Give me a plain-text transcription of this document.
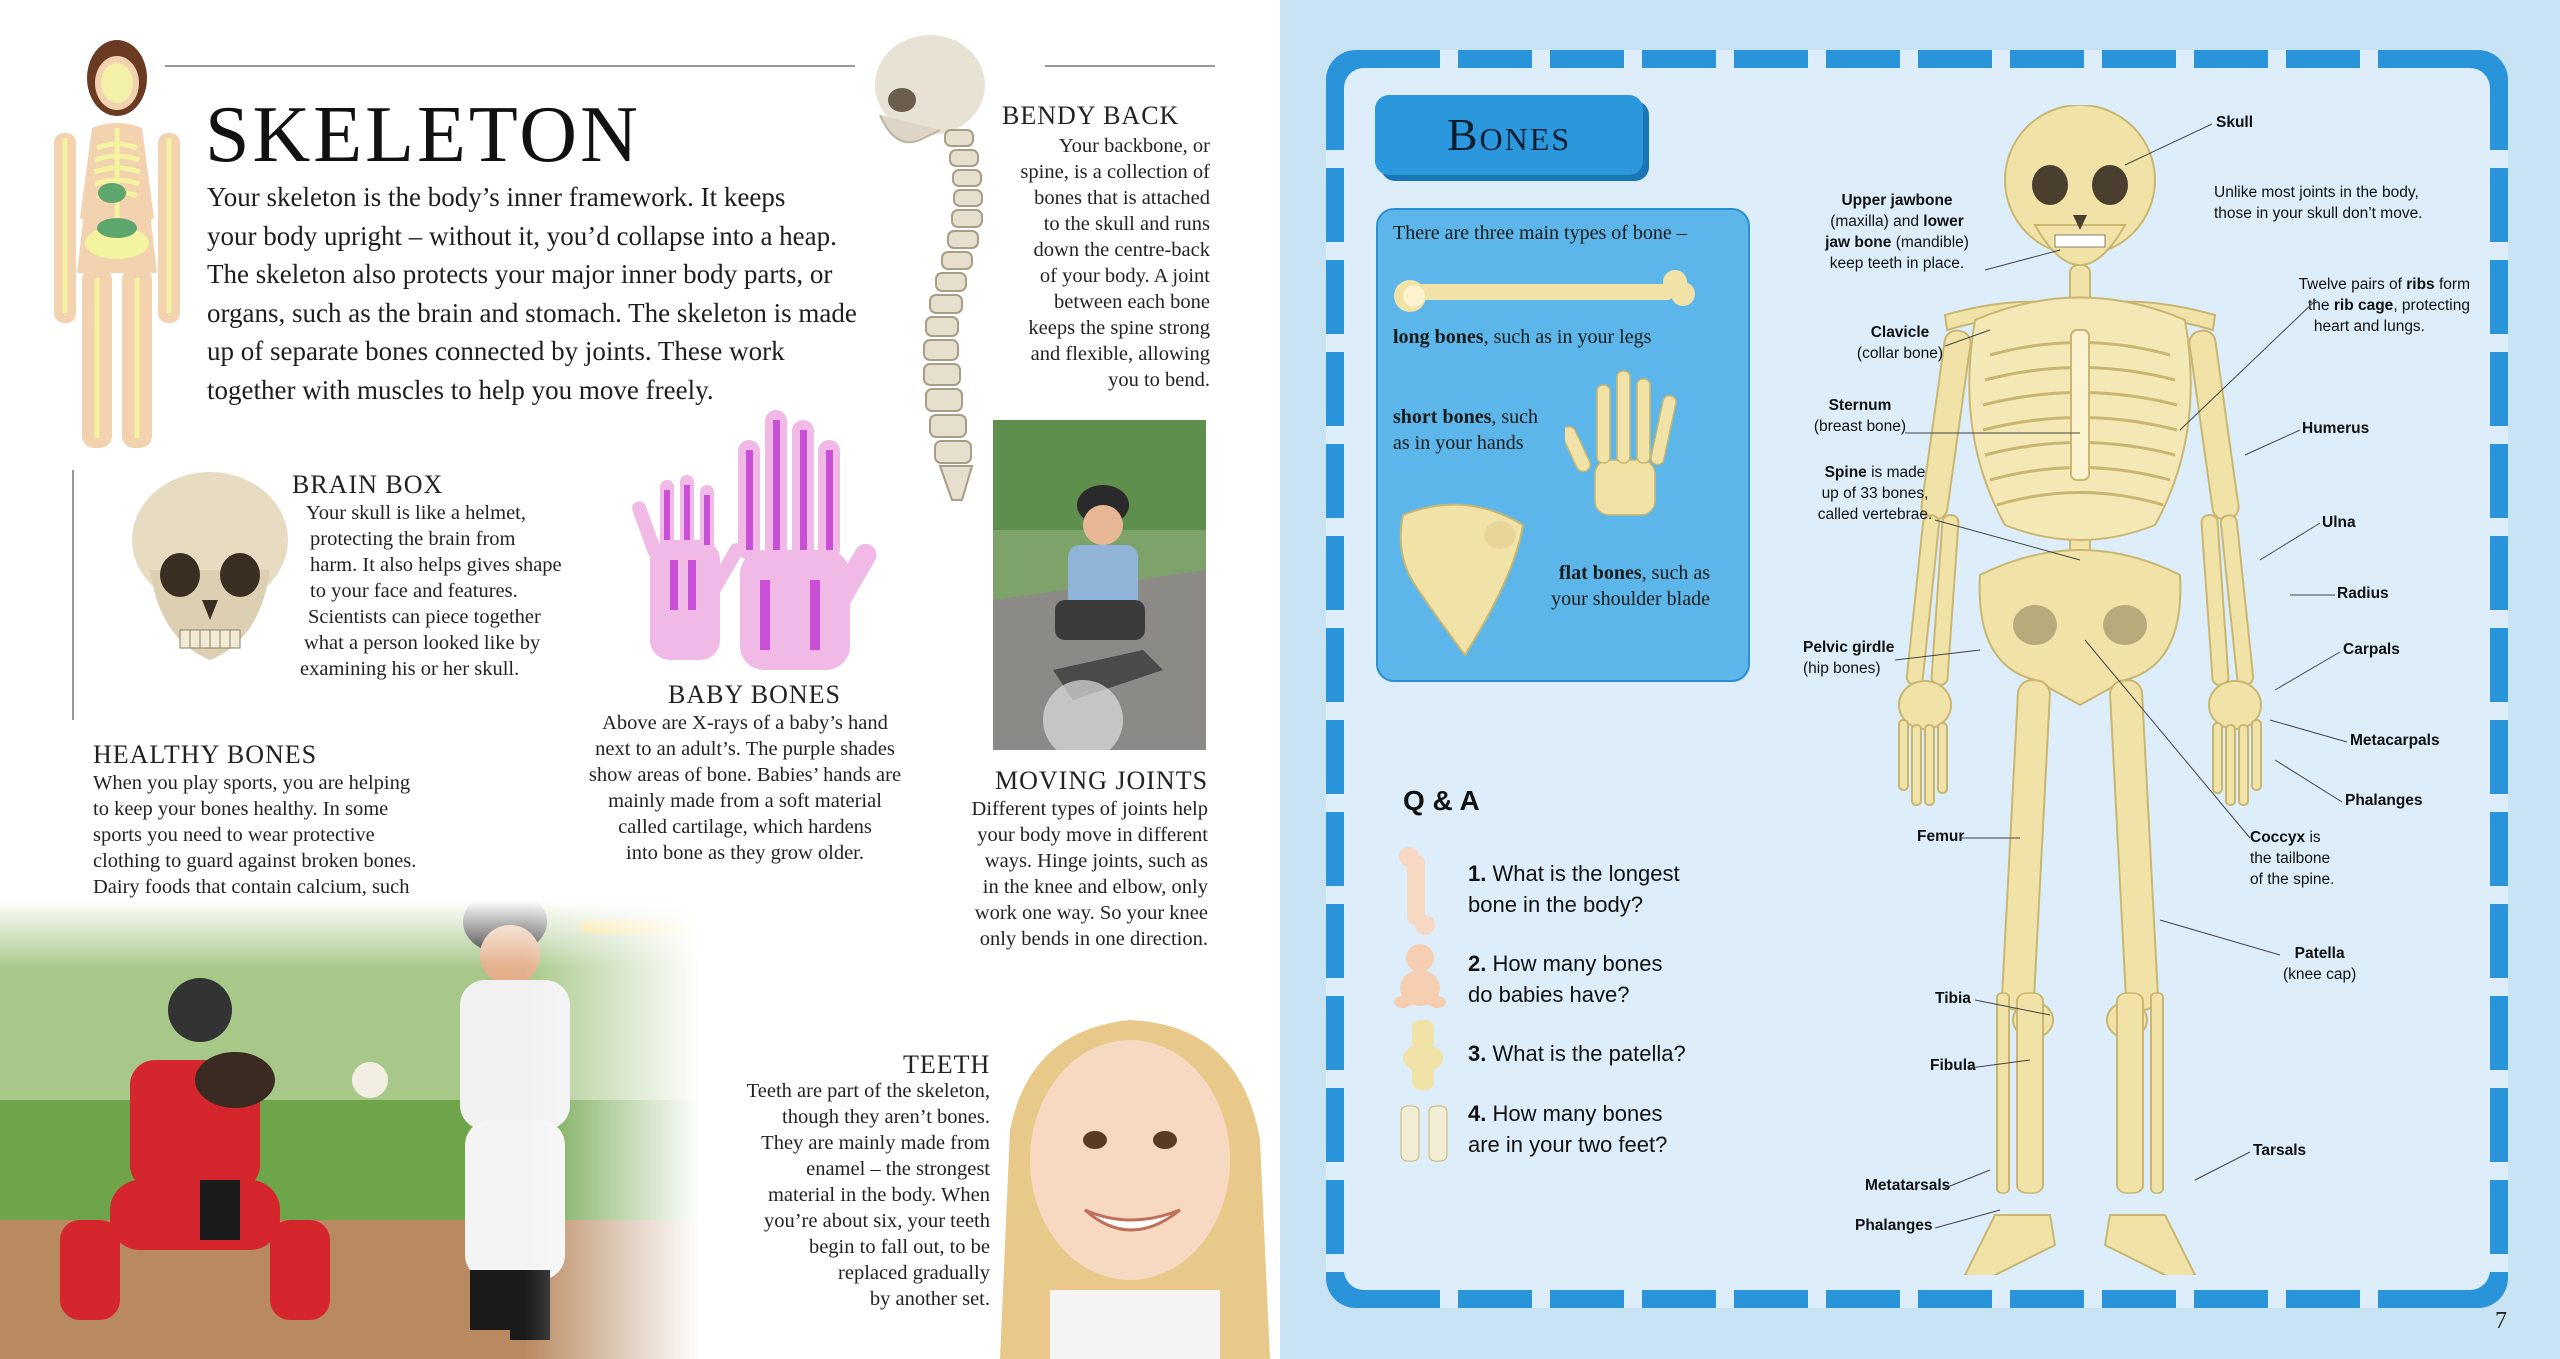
SKELETON
Your skeleton is the body’s inner framework. It keeps
your body upright – without it, you’d collapse into a heap.
The skeleton also protects your major inner body parts, or
organs, such as the brain and stomach. The skeleton is made
up of separate bones connected by joints. These work
together with muscles to help you move freely.
BENDY BACK
Your backbone, or
spine, is a collection of
bones that is attached
to the skull and runs
down the centre-back
of your body. A joint
between each bone
keeps the spine strong
and flexible, allowing
you to bend.
BRAIN BOX
Your skull is like a helmet,
protecting the brain from
harm. It also helps gives shape
to your face and features.
Scientists can piece together
what a person looked like by
examining his or her skull.
BABY BONES
Above are X-rays of a baby’s hand
next to an adult’s. The purple shades
show areas of bone. Babies’ hands are
mainly made from a soft material
called cartilage, which hardens
into bone as they grow older.
MOVING JOINTS
Different types of joints help
your body move in different
ways. Hinge joints, such as
in the knee and elbow, only
work one way. So your knee
only bends in one direction.
HEALTHY BONES
When you play sports, you are helping
to keep your bones healthy. In some
sports you need to wear protective
clothing to guard against broken bones.
Dairy foods that contain calcium, such
TEETH
Teeth are part of the skeleton,
though they aren’t bones.
They are mainly made from
enamel – the strongest
material in the body. When
you’re about six, your teeth
begin to fall out, to be
replaced gradually
by another set.
Bones
There are three main types of bone –
long bones, such as in your legs
short bones, such
as in your hands
flat bones, such as
your shoulder blade
Q & A
1. What is the longest
bone in the body?
2. How many bones
do babies have?
3. What is the patella?
4. How many bones
are in your two feet?
Skull
Unlike most joints in the body,
those in your skull don’t move.
Upper jawbone
(maxilla) and lower
jaw bone (mandible)
keep teeth in place.
Clavicle
(collar bone)
Twelve pairs of ribs form
the rib cage, protecting
heart and lungs.
Sternum
(breast bone)	Humerus
Spine is made
up of 33 bones,
called vertebrae.	Ulna
Radius
Pelvic girdle
(hip bones)
Carpals
Metacarpals
Phalanges
Femur	Coccyx is
the tailbone
of the spine.
Patella
(knee cap)
Tibia
Fibula
Tarsals
Metatarsals
Phalanges
7
